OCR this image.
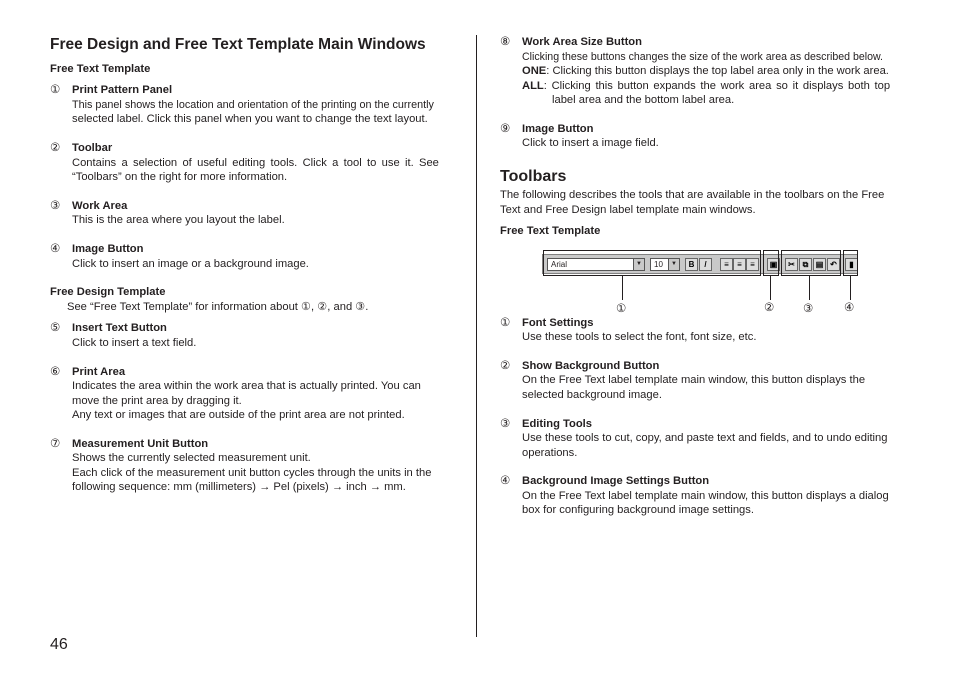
Free Design and Free Text Template Main Windows
Free Text Template
① Print Pattern Panel
This panel shows the location and orientation of the printing on the currently
selected label. Click this panel when you want to change the text layout.
② Toolbar
Contains a selection of useful editing tools. Click a tool to use it. See
“Toolbars” on the right for more information.
③ Work Area
This is the area where you layout the label.
④ Image Button
Click to insert an image or a background image.
Free Design Template
See “Free Text Template” for information about ①, ②, and ③.
⑤ Insert Text Button
Click to insert a text field.
⑥ Print Area
Indicates the area within the work area that is actually printed. You can
move the print area by dragging it.
Any text or images that are outside of the print area are not printed.
⑦ Measurement Unit Button
Shows the currently selected measurement unit.
Each click of the measurement unit button cycles through the units in the
following sequence: mm (millimeters) → Pel (pixels) → inch → mm.
46
⑧ Work Area Size Button
Clicking these buttons changes the size of the work area as described below.
ONE: Clicking this button displays the top label area only in the work area.
ALL: Clicking this button expands the work area so it displays both top
label area and the bottom label area.
⑨ Image Button
Click to insert a image field.
Toolbars
The following describes the tools that are available in the toolbars on the Free
Text and Free Design label template main windows.
Free Text Template
Arial	▼	10	▼	B	/	≡	≡	≡	▣	✂ ⧉ ▤ ↶	▮
①	② ③	④
① Font Settings
Use these tools to select the font, font size, etc.
② Show Background Button
On the Free Text label template main window, this button displays the
selected background image.
③ Editing Tools
Use these tools to cut, copy, and paste text and fields, and to undo editing
operations.
④ Background Image Settings Button
On the Free Text label template main window, this button displays a dialog
box for configuring background image settings.
